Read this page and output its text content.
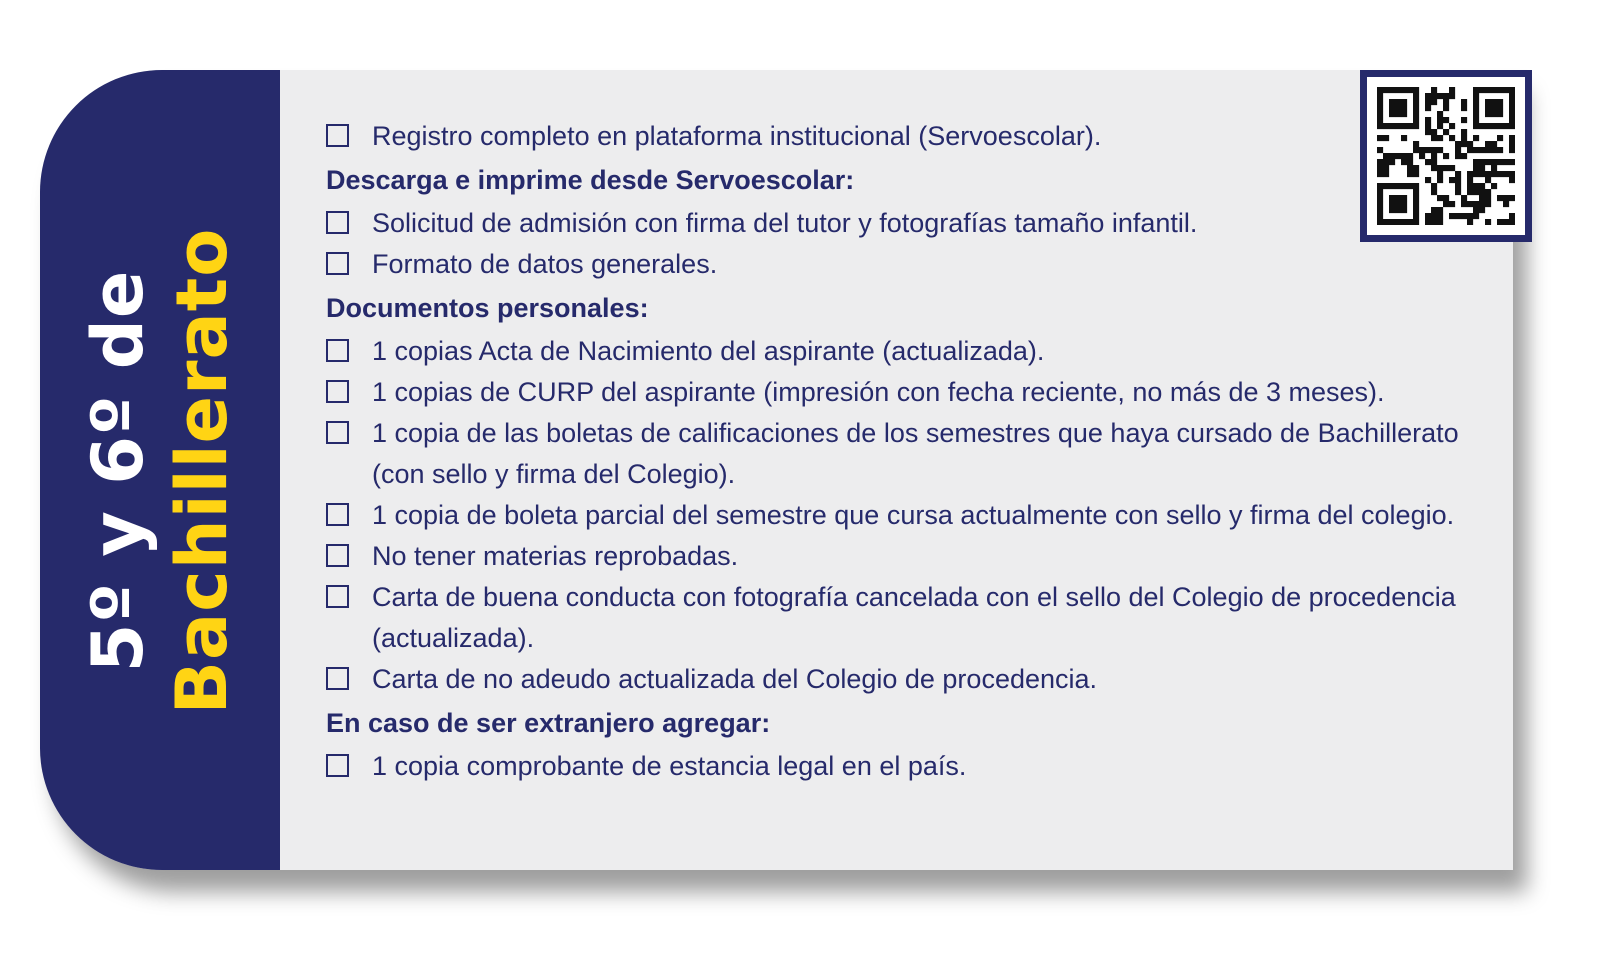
5º y 6º de Bachillerato
Registro completo en plataforma institucional (Servoescolar).
Descarga e imprime desde Servoescolar:
Solicitud de admisión con firma del tutor y fotografías tamaño infantil.
Formato de datos generales.
Documentos personales:
1 copias Acta de Nacimiento del aspirante (actualizada).
1 copias de CURP del aspirante (impresión con fecha reciente, no más de 3 meses).
1 copia de las boletas de calificaciones de los semestres que haya cursado de Bachillerato (con sello y firma del Colegio).
1 copia de boleta parcial del semestre que cursa actualmente con sello y firma del colegio.
No tener materias reprobadas.
Carta de buena conducta con fotografía cancelada con el sello del Colegio de procedencia (actualizada).
Carta de no adeudo actualizada del Colegio de procedencia.
En caso de ser extranjero agregar:
1 copia comprobante de estancia legal en el país.
